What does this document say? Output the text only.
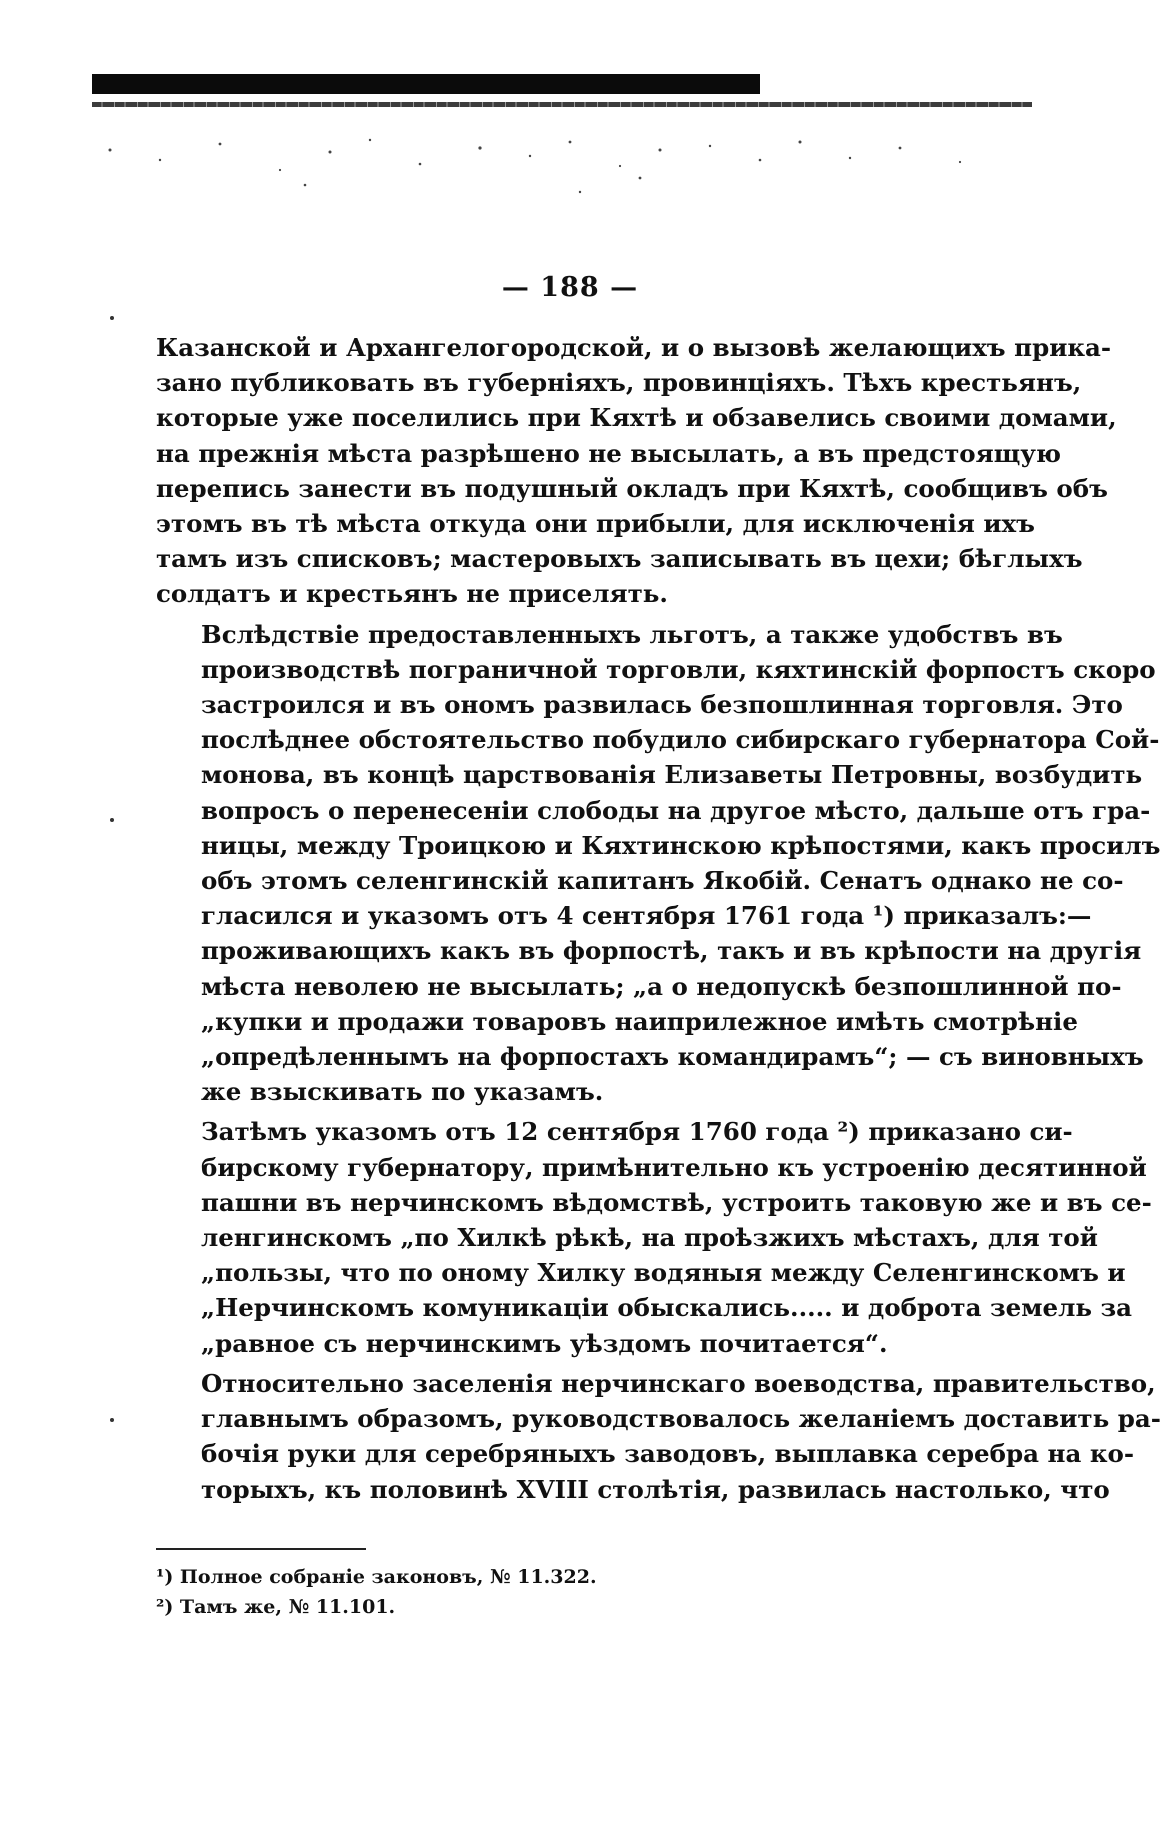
— 188 —

Казанской и Архангелогородской, и о вызовѣ желающихъ прика-
зано публиковать въ губерніяхъ, провинціяхъ. Тѣхъ крестьянъ,
которые уже поселились при Кяхтѣ и обзавелись своими домами,
на прежнія мѣста разрѣшено не высылать, а въ предстоящую
перепись занести въ подушный окладъ при Кяхтѣ, сообщивъ объ
этомъ въ тѣ мѣста откуда они прибыли, для исключенія ихъ
тамъ изъ списковъ; мастеровыхъ записывать въ цехи; бѣглыхъ
солдатъ и крестьянъ не приселять.

Вслѣдствіе предоставленныхъ льготъ, а также удобствъ въ
производствѣ пограничной торговли, кяхтинскій форпостъ скоро
застроился и въ ономъ развилась безпошлинная торговля. Это
послѣднее обстоятельство побудило сибирскаго губернатора Сой-
монова, въ концѣ царствованія Елизаветы Петровны, возбудить
вопросъ о перенесеніи слободы на другое мѣсто, дальше отъ гра-
ницы, между Троицкою и Кяхтинскою крѣпостями, какъ просилъ
объ этомъ селенгинскій капитанъ Якобій. Сенатъ однако не со-
гласился и указомъ отъ 4 сентября 1761 года ¹) приказалъ:—
проживающихъ какъ въ форпостѣ, такъ и въ крѣпости на другія
мѣста неволею не высылать; „а о недопускѣ безпошлинной по-
„купки и продажи товаровъ наиприлежное имѣть смотрѣніе
„опредѣленнымъ на форпостахъ командирамъ“; — съ виновныхъ
же взыскивать по указамъ.

Затѣмъ указомъ отъ 12 сентября 1760 года ²) приказано си-
бирскому губернатору, примѣнительно къ устроенію десятинной
пашни въ нерчинскомъ вѣдомствѣ, устроить таковую же и въ се-
ленгинскомъ „по Хилкѣ рѣкѣ, на проѣзжихъ мѣстахъ, для той
„пользы, что по оному Хилку водяныя между Селенгинскомъ и
„Нерчинскомъ комуникаціи обыскались..... и доброта земель за
„равное съ нерчинскимъ уѣздомъ почитается“.

Относительно заселенія нерчинскаго воеводства, правительство,
главнымъ образомъ, руководствовалось желаніемъ доставить ра-
бочія руки для серебряныхъ заводовъ, выплавка серебра на ко-
торыхъ, къ половинѣ XVIII столѣтія, развилась настолько, что

¹) Полное собраніе законовъ, № 11.322.
²) Тамъ же, № 11.101.
